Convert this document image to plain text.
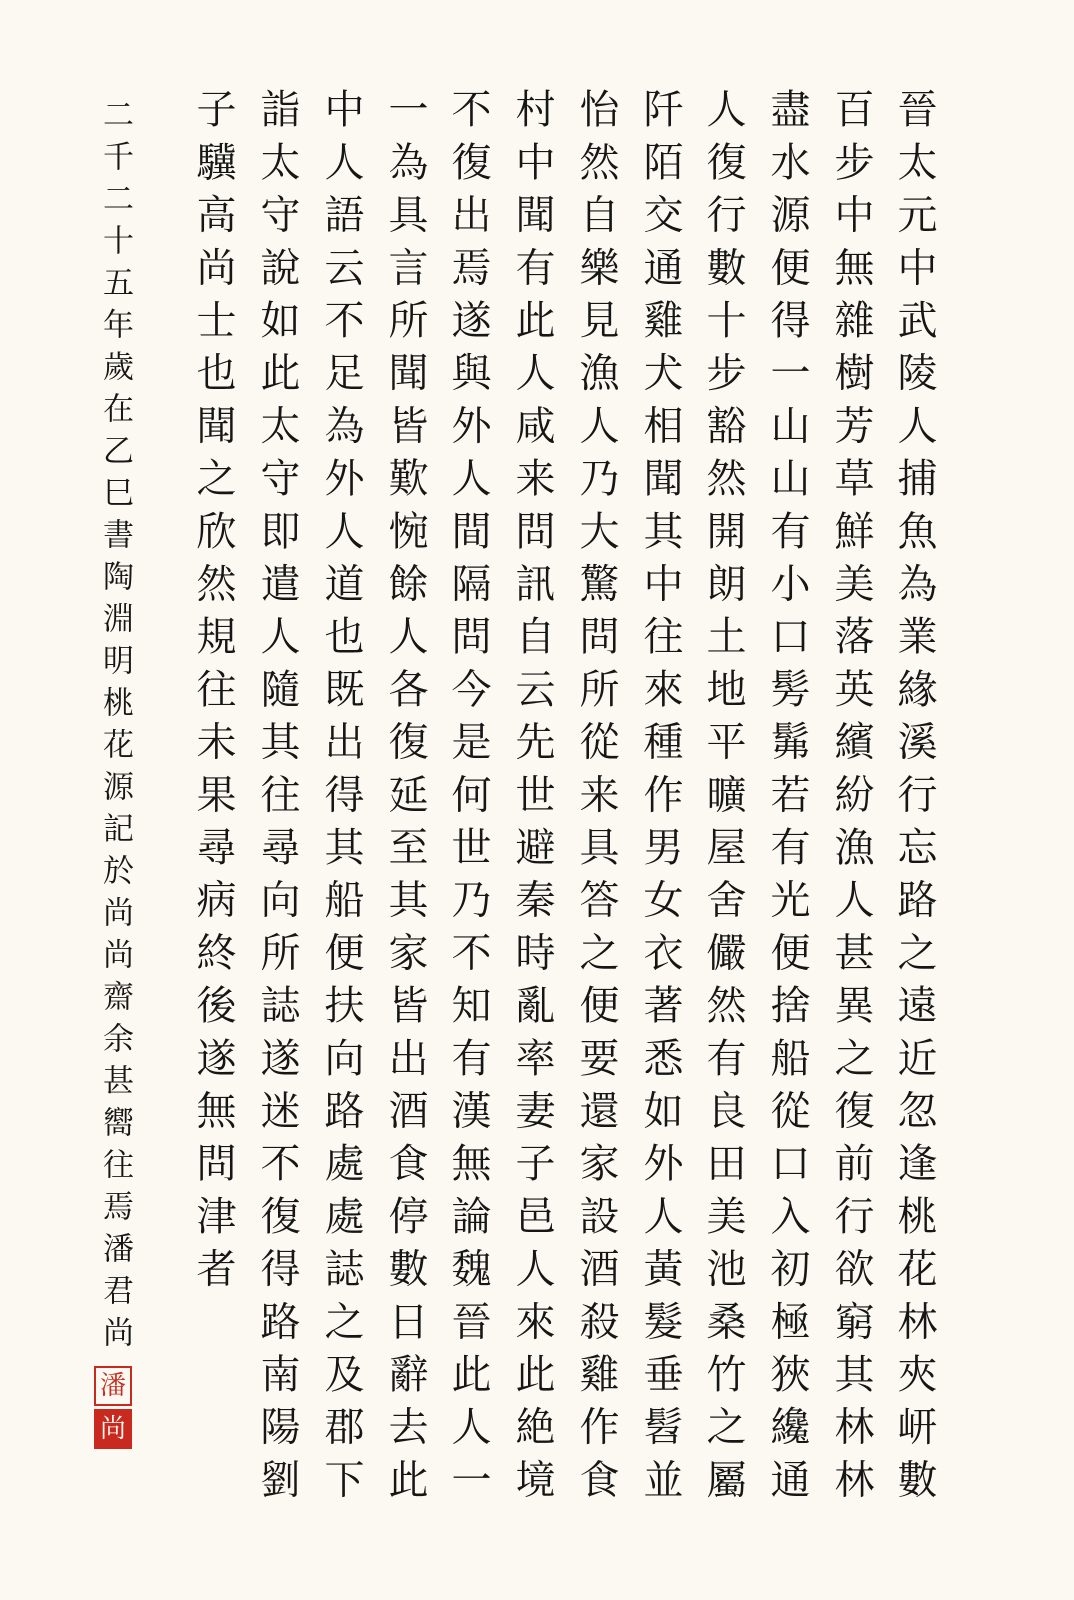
晉太元中武陵人捕魚為業緣溪行忘路之遠近忽逢桃花林夾岍數
百步中無雜樹芳草鮮美落英繽紛漁人甚異之復前行欲窮其林林
盡水源便得一山山有小口髣髴若有光便捨船從口入初極狹纔通
人復行數十步豁然開朗土地平曠屋舍儼然有良田美池桑竹之屬
阡陌交通雞犬相聞其中往來種作男女衣著悉如外人黃髮垂髫並
怡然自樂見漁人乃大驚問所從来具答之便要還家設酒殺雞作食
村中聞有此人咸来問訊自云先世避秦時亂率妻子邑人來此絶境
不復出焉遂與外人間隔問今是何世乃不知有漢無論魏晉此人一
一為具言所聞皆歎惋餘人各復延至其家皆出酒食停數日辭去此
中人語云不足為外人道也既出得其船便扶向路處處誌之及郡下
詣太守說如此太守即遣人隨其往尋向所誌遂迷不復得路南陽劉
子驥高尚士也聞之欣然規往未果尋病終後遂無問津者
二千二十五年歲在乙巳書陶淵明桃花源記於尚尚齋余甚嚮往焉潘君尚
潘
尚
